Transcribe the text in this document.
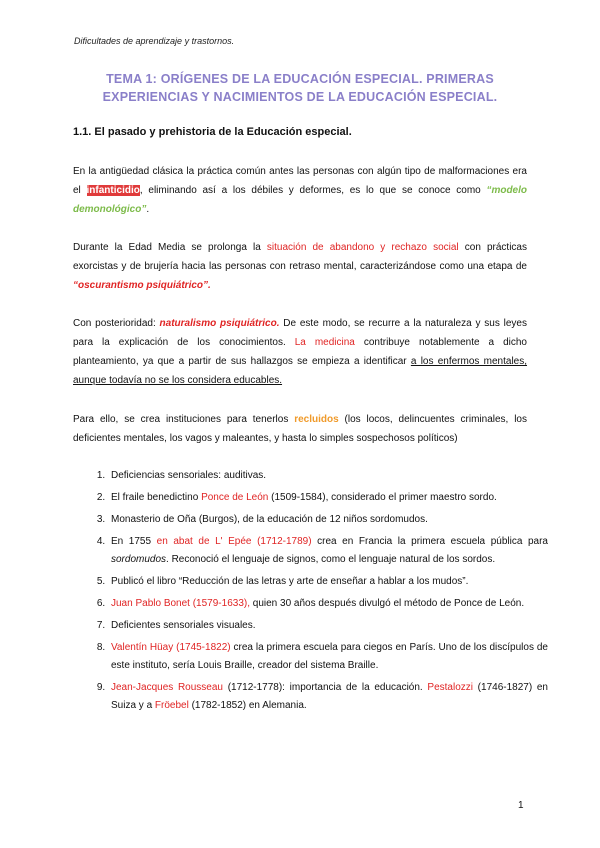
Dificultades de aprendizaje y trastornos.
TEMA 1: ORÍGENES DE LA EDUCACIÓN ESPECIAL. PRIMERAS
EXPERIENCIAS Y NACIMIENTOS DE LA EDUCACIÓN ESPECIAL.
1.1. El pasado y prehistoria de la Educación especial.

En la antigüedad clásica la práctica común antes las personas con algún tipo de malformaciones era el infanticidio, eliminando así a los débiles y deformes, es lo que se conoce como “modelo demonológico”.

Durante la Edad Media se prolonga la situación de abandono y rechazo social con prácticas exorcistas y de brujería hacia las personas con retraso mental, caracterizándose como una etapa de “oscurantismo psiquiátrico”.

Con posterioridad: naturalismo psiquiátrico. De este modo, se recurre a la naturaleza y sus leyes para la explicación de los conocimientos. La medicina contribuye notablemente a dicho planteamiento, ya que a partir de sus hallazgos se empieza a identificar a los enfermos mentales, aunque todavía no se los considera educables.

Para ello, se crea instituciones para tenerlos recluidos (los locos, delincuentes criminales, los deficientes mentales, los vagos y maleantes, y hasta lo simples sospechosos políticos)

1. Deficiencias sensoriales: auditivas.
2. El fraile benedictino Ponce de León (1509-1584), considerado el primer maestro sordo.
3. Monasterio de Oña (Burgos), de la educación de 12 niños sordomudos.
4. En 1755 en abat de L' Epée (1712-1789) crea en Francia la primera escuela pública para sordomudos. Reconoció el lenguaje de signos, como el lenguaje natural de los sordos.
5. Publicó el libro “Reducción de las letras y arte de enseñar a hablar a los mudos”.
6. Juan Pablo Bonet (1579-1633), quien 30 años después divulgó el método de Ponce de León.
7. Deficientes sensoriales visuales.
8. Valentín Hüay (1745-1822) crea la primera escuela para ciegos en París. Uno de los discípulos de este instituto, sería Louis Braille, creador del sistema Braille.
9. Jean-Jacques Rousseau (1712-1778): importancia de la educación. Pestalozzi (1746-1827) en Suiza y a Fröebel (1782-1852) en Alemania.
1
